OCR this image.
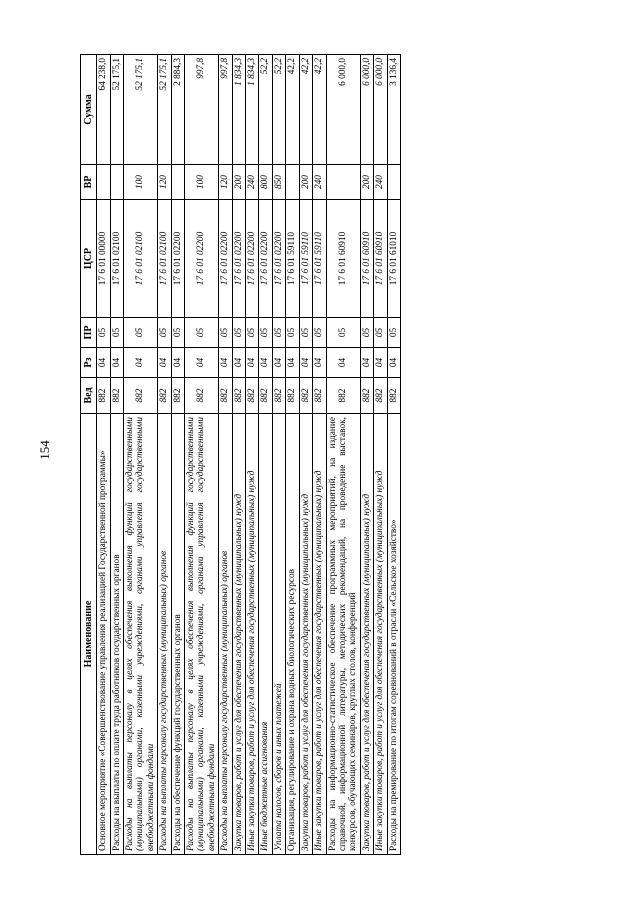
154
Наименование	Вед	Рз	ПР	ЦСР	ВР	Сумма
Основное мероприятие «Совершенствование управления реализацией Государственной программы»	882	04	05	17 6 01 00000		64 238,0
Расходы на выплаты по оплате труда работников государственных органов	882	04	05	17 6 01 02100		52 175,1
Расходы на выплаты персоналу в целях обеспечения выполнения функций государственными (муниципальными) органами, казенными учреждениями, органами управления государственными внебюджетными фондами	882	04	05	17 6 01 02100	100	52 175,1
Расходы на выплаты персоналу государственных (муниципальных) органов	882	04	05	17 6 01 02100	120	52 175,1
Расходы на обеспечение функций государственных органов	882	04	05	17 6 01 02200		2 884,3
Расходы на выплаты персоналу в целях обеспечения выполнения функций государственными (муниципальными) органами, казенными учреждениями, органами управления государственными внебюджетными фондами	882	04	05	17 6 01 02200	100	997,8
Расходы на выплаты персоналу государственных (муниципальных) органов	882	04	05	17 6 01 02200	120	997,8
Закупка товаров, работ и услуг для обеспечения государственных (муниципальных) нужд	882	04	05	17 6 01 02200	200	1 834,3
Иные закупки товаров, работ и услуг для обеспечения государственных (муниципальных) нужд	882	04	05	17 6 01 02200	240	1 834,3
Иные бюджетные ассигнования	882	04	05	17 6 01 02200	800	52,2
Уплата налогов, сборов и иных платежей	882	04	05	17 6 01 02200	850	52,2
Организация, регулирование и охрана водных биологических ресурсов	882	04	05	17 6 01 59110		42,2
Закупка товаров, работ и услуг для обеспечения государственных (муниципальных) нужд	882	04	05	17 6 01 59110	200	42,2
Иные закупки товаров, работ и услуг для обеспечения государственных (муниципальных) нужд	882	04	05	17 6 01 59110	240	42,2
Расходы на информационно-статистическое обеспечение программных мероприятий, на издание справочной, информационной литературы, методических рекомендаций, на проведение выставок, конкурсов, обучающих семинаров, круглых столов, конференций	882	04	05	17 6 01 60910		6 000,0
Закупка товаров, работ и услуг для обеспечения государственных (муниципальных) нужд	882	04	05	17 6 01 60910	200	6 000,0
Иные закупки товаров, работ и услуг для обеспечения государственных (муниципальных) нужд	882	04	05	17 6 01 60910	240	6 000,0
Расходы на премирование по итогам соревнований в отрасли «Сельское хозяйство»	882	04	05	17 6 01 61010		3 136,4
